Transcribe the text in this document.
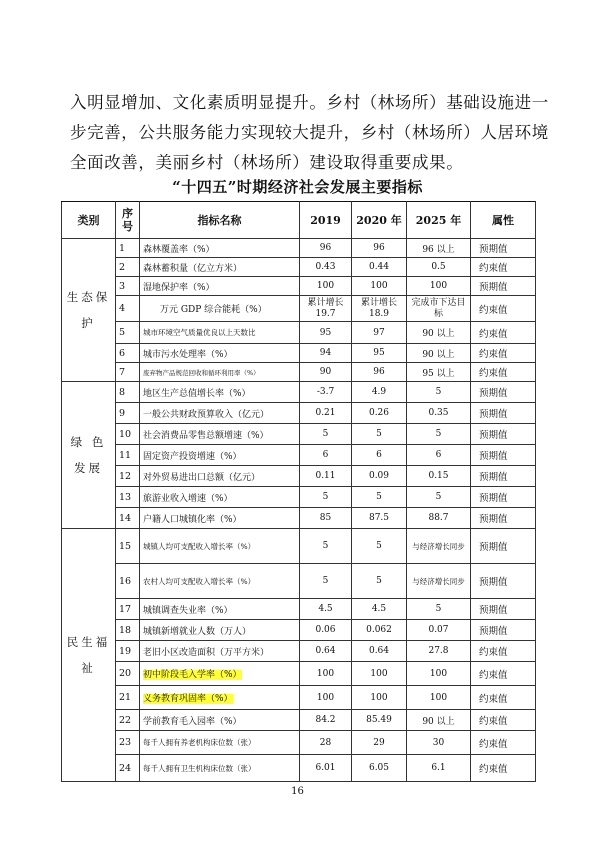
入明显增加、文化素质明显提升。乡村（林场所）基础设施进一
步完善，公共服务能力实现较大提升，乡村（林场所）人居环境
全面改善，美丽乡村（林场所）建设取得重要成果。
“十四五”时期经济社会发展主要指标
类别	序号	指标名称	2019	2020 年	2025 年	属性
生态保护	1	森林覆盖率（%）	96	96	96 以上	预期值
	2	森林蓄积量（亿立方米）	0.43	0.44	0.5	约束值
	3	湿地保护率（%）	100	100	100	预期值
	4	万元 GDP 综合能耗（%）	累计增长 19.7	累计增长 18.9	完成市下达目标	约束值
	5	城市环境空气质量优良以上天数比	95	97	90 以上	约束值
	6	城市污水处理率（%）	94	95	90 以上	约束值
	7	废弃物产品规范回收和循环利用率（%）	90	96	95 以上	约束值
绿 色发展	8	地区生产总值增长率（%）	-3.7	4.9	5	预期值
	9	一般公共财政预算收入（亿元）	0.21	0.26	0.35	预期值
	10	社会消费品零售总额增速（%）	5	5	5	预期值
	11	固定资产投资增速（%）	6	6	6	预期值
	12	对外贸易进出口总额（亿元）	0.11	0.09	0.15	预期值
	13	旅游业收入增速（%）	5	5	5	预期值
	14	户籍人口城镇化率（%）	85	87.5	88.7	预期值
民生福祉	15	城镇人均可支配收入增长率（%）	5	5	与经济增长同步	预期值
	16	农村人均可支配收入增长率（%）	5	5	与经济增长同步	预期值
	17	城镇调查失业率（%）	4.5	4.5	5	预期值
	18	城镇新增就业人数（万人）	0.06	0.062	0.07	预期值
	19	老旧小区改造面积（万平方米）	0.64	0.64	27.8	约束值
	20	初中阶段毛入学率（%）	100	100	100	约束值
	21	义务教育巩固率（%）	100	100	100	约束值
	22	学前教育毛入园率（%）	84.2	85.49	90 以上	约束值
	23	每千人拥有养老机构床位数（张）	28	29	30	约束值
	24	每千人拥有卫生机构床位数（张）	6.01	6.05	6.1	约束值
16
